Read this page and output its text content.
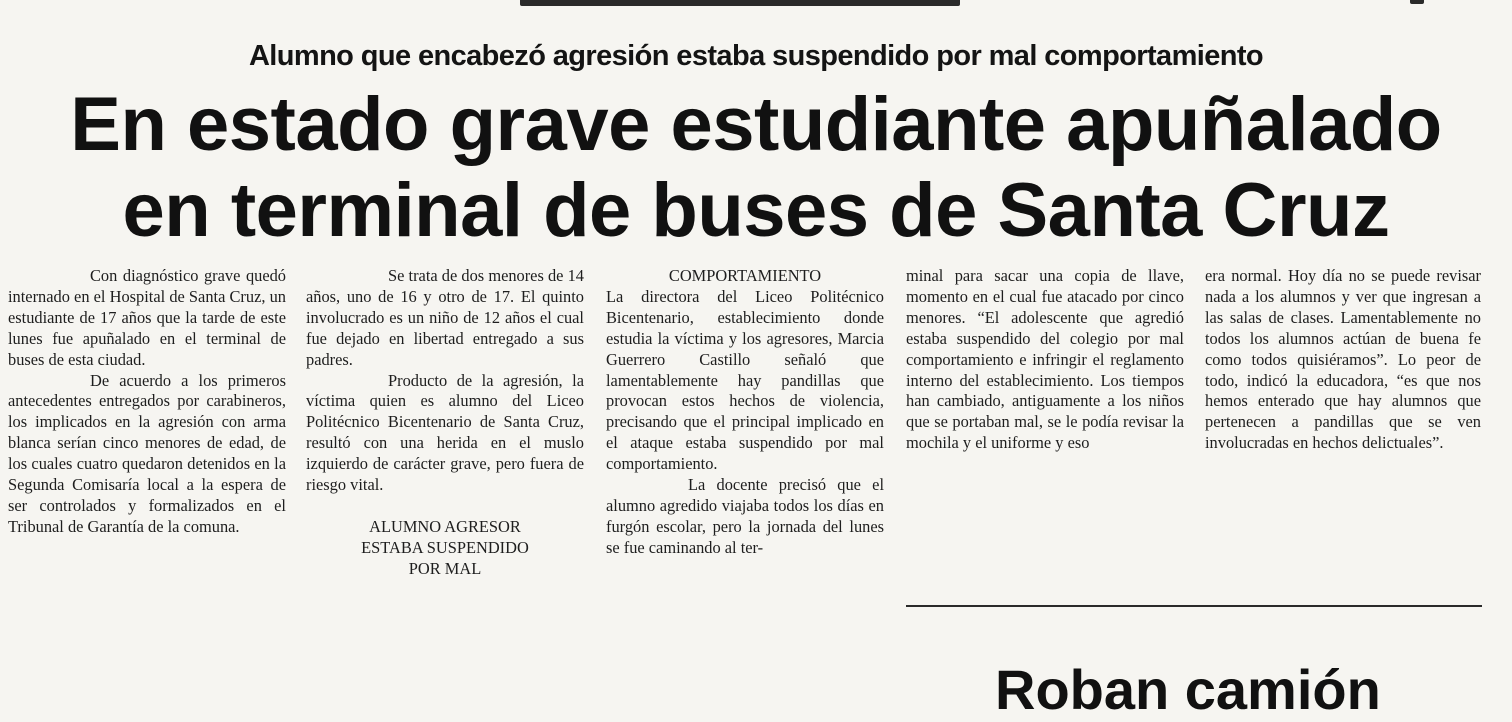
Alumno que encabezó agresión estaba suspendido por mal comportamiento
En estado grave estudiante apuñalado
en terminal de buses de Santa Cruz

Con diagnóstico grave quedó internado en el Hospital de Santa Cruz, un estudiante de 17 años que la tarde de este lunes fue apuñalado en el terminal de buses de esta ciudad.

De acuerdo a los primeros antecedentes entregados por carabineros, los implicados en la agresión con arma blanca serían cinco menores de edad, de los cuales cuatro quedaron detenidos en la Segunda Comisaría local a la espera de ser controlados y formalizados en el Tribunal de Garantía de la comuna.

Se trata de dos menores de 14 años, uno de 16 y otro de 17. El quinto involucrado es un niño de 12 años el cual fue dejado en libertad entregado a sus padres.

Producto de la agresión, la víctima quien es alumno del Liceo Politécnico Bicentenario de Santa Cruz, resultó con una herida en el muslo izquierdo de carácter grave, pero fuera de riesgo vital.

ALUMNO AGRESOR

ESTABA SUSPENDIDO

POR MAL

COMPORTAMIENTO

La directora del Liceo Politécnico Bicentenario, establecimiento donde estudia la víctima y los agresores, Marcia Guerrero Castillo señaló que lamentablemente hay pandillas que provocan estos hechos de violencia, precisando que el principal implicado en el ataque estaba suspendido por mal comportamiento.

La docente precisó que el alumno agredido viajaba todos los días en furgón escolar, pero la jornada del lunes se fue caminando al ter-

minal para sacar una copia de llave, momento en el cual fue atacado por cinco menores. “El adolescente que agredió estaba suspendido del colegio por mal comportamiento e infringir el reglamento interno del establecimiento. Los tiempos han cambiado, antiguamente a los niños que se portaban mal, se le podía revisar la mochila y el uniforme y eso

era normal. Hoy día no se puede revisar nada a los alumnos y ver que ingresan a las salas de clases. Lamentablemente no todos los alumnos actúan de buena fe como todos quisiéramos”. Lo peor de todo, indicó la educadora, “es que nos hemos enterado que hay alumnos que pertenecen a pandillas que se ven involucradas en hechos delictuales”.

Roban camión
